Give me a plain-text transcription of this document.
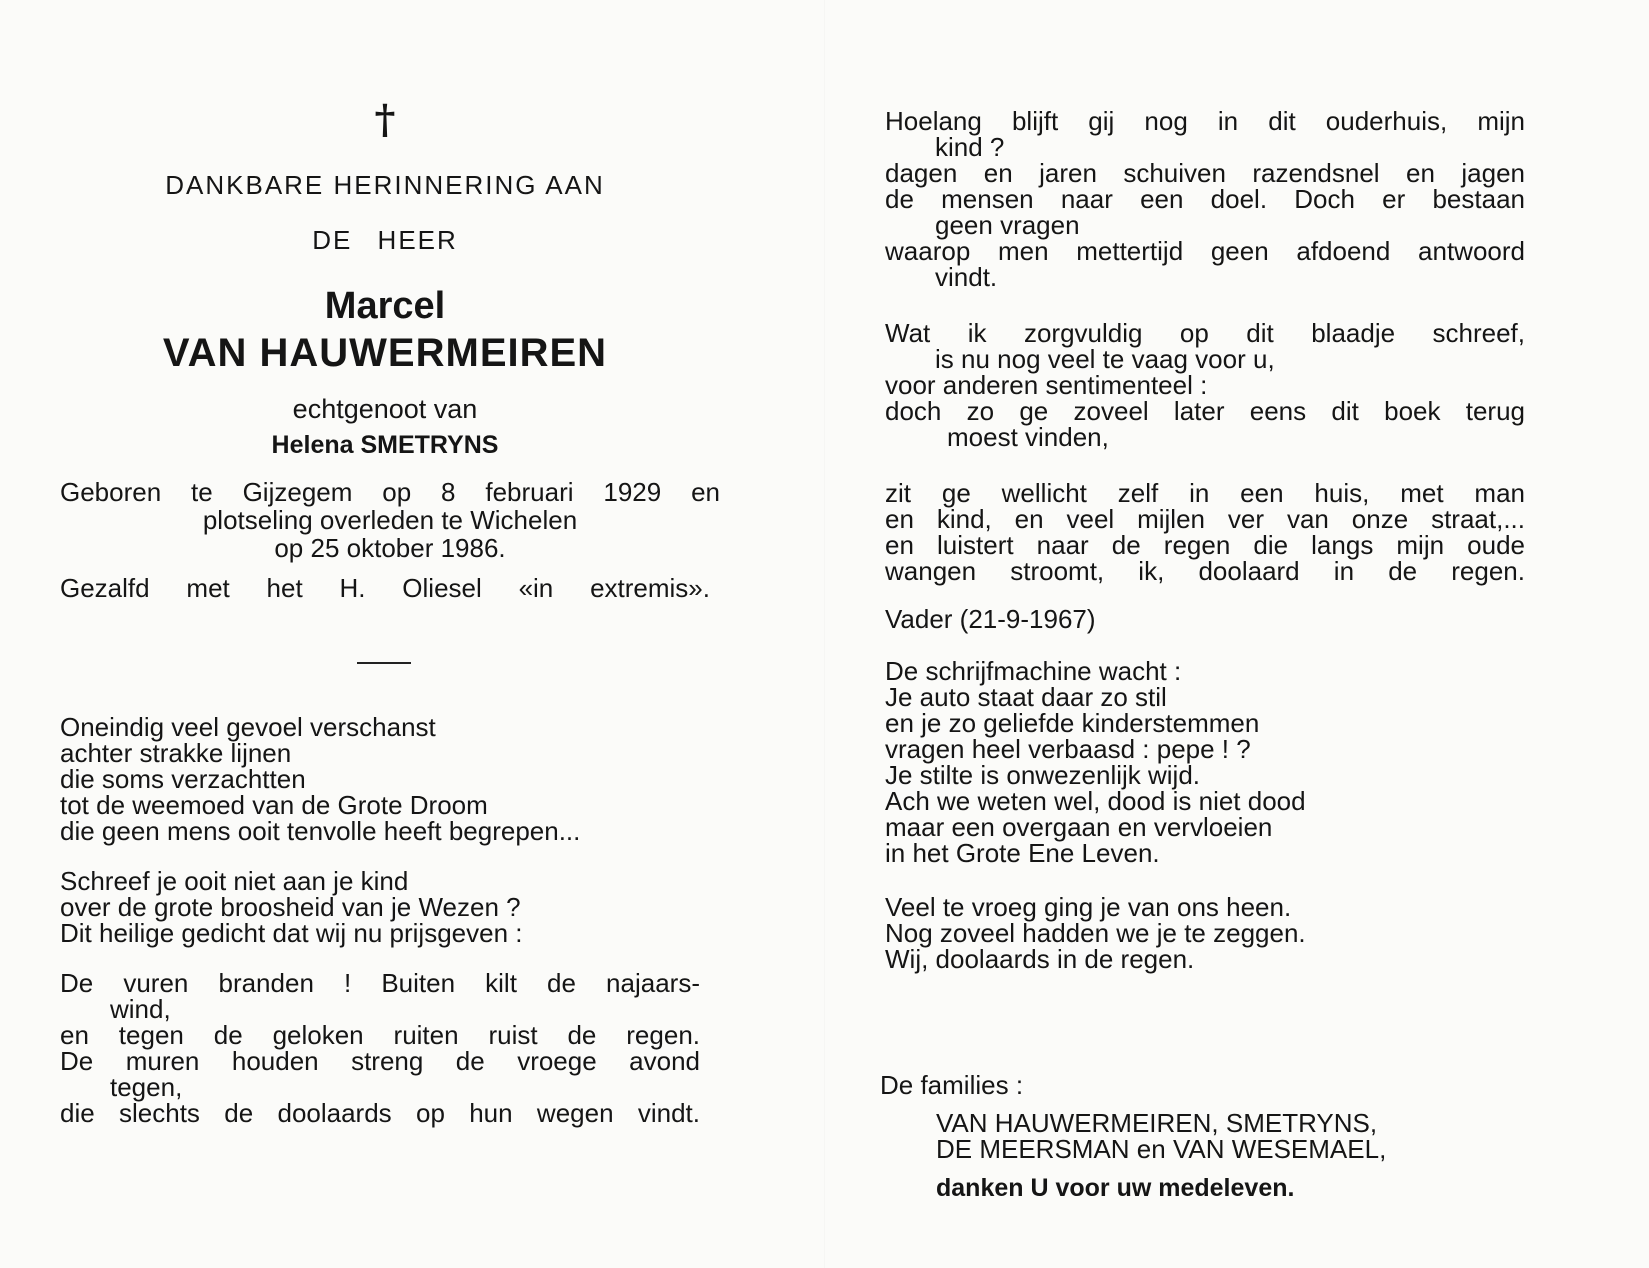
†
DANKBARE HERINNERING AAN
DE HEER
Marcel
VAN HAUWERMEIREN
echtgenoot van
Helena SMETRYNS
Geboren te Gijzegem op 8 februari 1929 en
plotseling overleden te Wichelen
op 25 oktober 1986.
Gezalfd met het H. Oliesel «in extremis».
Oneindig veel gevoel verschanst
achter strakke lijnen
die soms verzachtten
tot de weemoed van de Grote Droom
die geen mens ooit tenvolle heeft begrepen...
Schreef je ooit niet aan je kind
over de grote broosheid van je Wezen ?
Dit heilige gedicht dat wij nu prijsgeven :
De vuren branden ! Buiten kilt de najaars-
wind,
en tegen de geloken ruiten ruist de regen.
De muren houden streng de vroege avond
tegen,
die slechts de doolaards op hun wegen vindt.
Hoelang blijft gij nog in dit ouderhuis, mijn
kind ?
dagen en jaren schuiven razendsnel en jagen
de mensen naar een doel. Doch er bestaan
geen vragen
waarop men mettertijd geen afdoend antwoord
vindt.
Wat ik zorgvuldig op dit blaadje schreef,
is nu nog veel te vaag voor u,
voor anderen sentimenteel :
doch zo ge zoveel later eens dit boek terug
moest vinden,
zit ge wellicht zelf in een huis, met man
en kind, en veel mijlen ver van onze straat,...
en luistert naar de regen die langs mijn oude
wangen stroomt, ik, doolaard in de regen.
Vader (21-9-1967)
De schrijfmachine wacht :
Je auto staat daar zo stil
en je zo geliefde kinderstemmen
vragen heel verbaasd : pepe ! ?
Je stilte is onwezenlijk wijd.
Ach we weten wel, dood is niet dood
maar een overgaan en vervloeien
in het Grote Ene Leven.
Veel te vroeg ging je van ons heen.
Nog zoveel hadden we je te zeggen.
Wij, doolaards in de regen.
De families :
VAN HAUWERMEIREN, SMETRYNS,
DE MEERSMAN en VAN WESEMAEL,
danken U voor uw medeleven.
